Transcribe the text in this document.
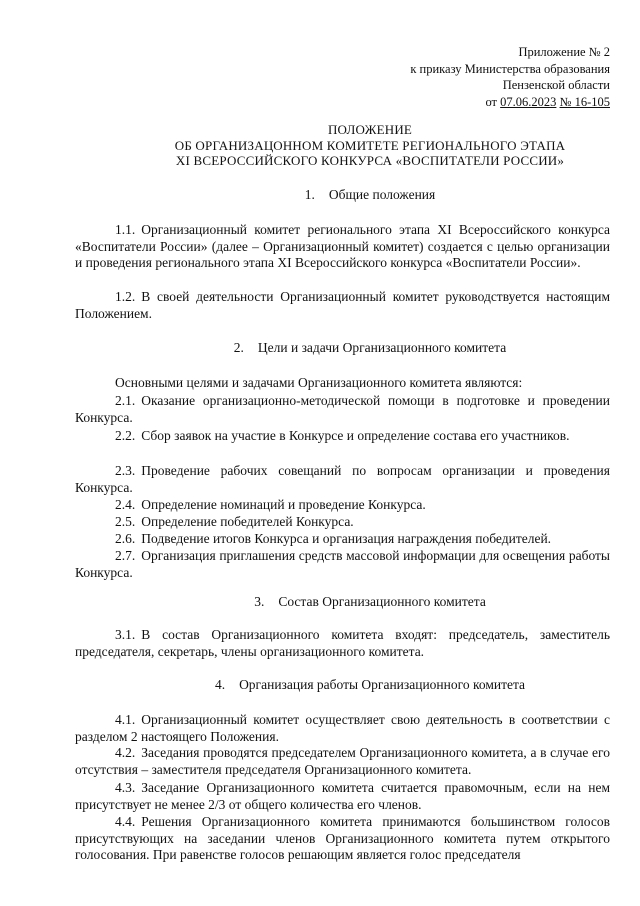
Приложение № 2
к приказу Министерства образования
Пензенской области
от 07.06.2023 № 16-105
ПОЛОЖЕНИЕ
ОБ ОРГАНИЗАЦОННОМ КОМИТЕТЕ РЕГИОНАЛЬНОГО ЭТАПА
XI ВСЕРОССИЙСКОГО КОНКУРСА «ВОСПИТАТЕЛИ РОССИИ»
1. Общие положения
1.1. Организационный комитет регионального этапа XI Всероссийского конкурса «Воспитатели России» (далее – Организационный комитет) создается с целью организации и проведения регионального этапа XI Всероссийского конкурса «Воспитатели России».
1.2. В своей деятельности Организационный комитет руководствуется настоящим Положением.
2. Цели и задачи Организационного комитета
Основными целями и задачами Организационного комитета являются:
2.1. Оказание организационно-методической помощи в подготовке и проведении Конкурса.
2.2. Сбор заявок на участие в Конкурсе и определение состава его участников.
2.3. Проведение рабочих совещаний по вопросам организации и проведения Конкурса.
2.4. Определение номинаций и проведение Конкурса.
2.5. Определение победителей Конкурса.
2.6. Подведение итогов Конкурса и организация награждения победителей.
2.7. Организация приглашения средств массовой информации для освещения работы Конкурса.
3. Состав Организационного комитета
3.1. В состав Организационного комитета входят: председатель, заместитель председателя, секретарь, члены организационного комитета.
4. Организация работы Организационного комитета
4.1. Организационный комитет осуществляет свою деятельность в соответствии с разделом 2 настоящего Положения.
4.2. Заседания проводятся председателем Организационного комитета, а в случае его отсутствия – заместителя председателя Организационного комитета.
4.3. Заседание Организационного комитета считается правомочным, если на нем присутствует не менее 2/3 от общего количества его членов.
4.4. Решения Организационного комитета принимаются большинством голосов присутствующих на заседании членов Организационного комитета путем открытого голосования. При равенстве голосов решающим является голос председателя
